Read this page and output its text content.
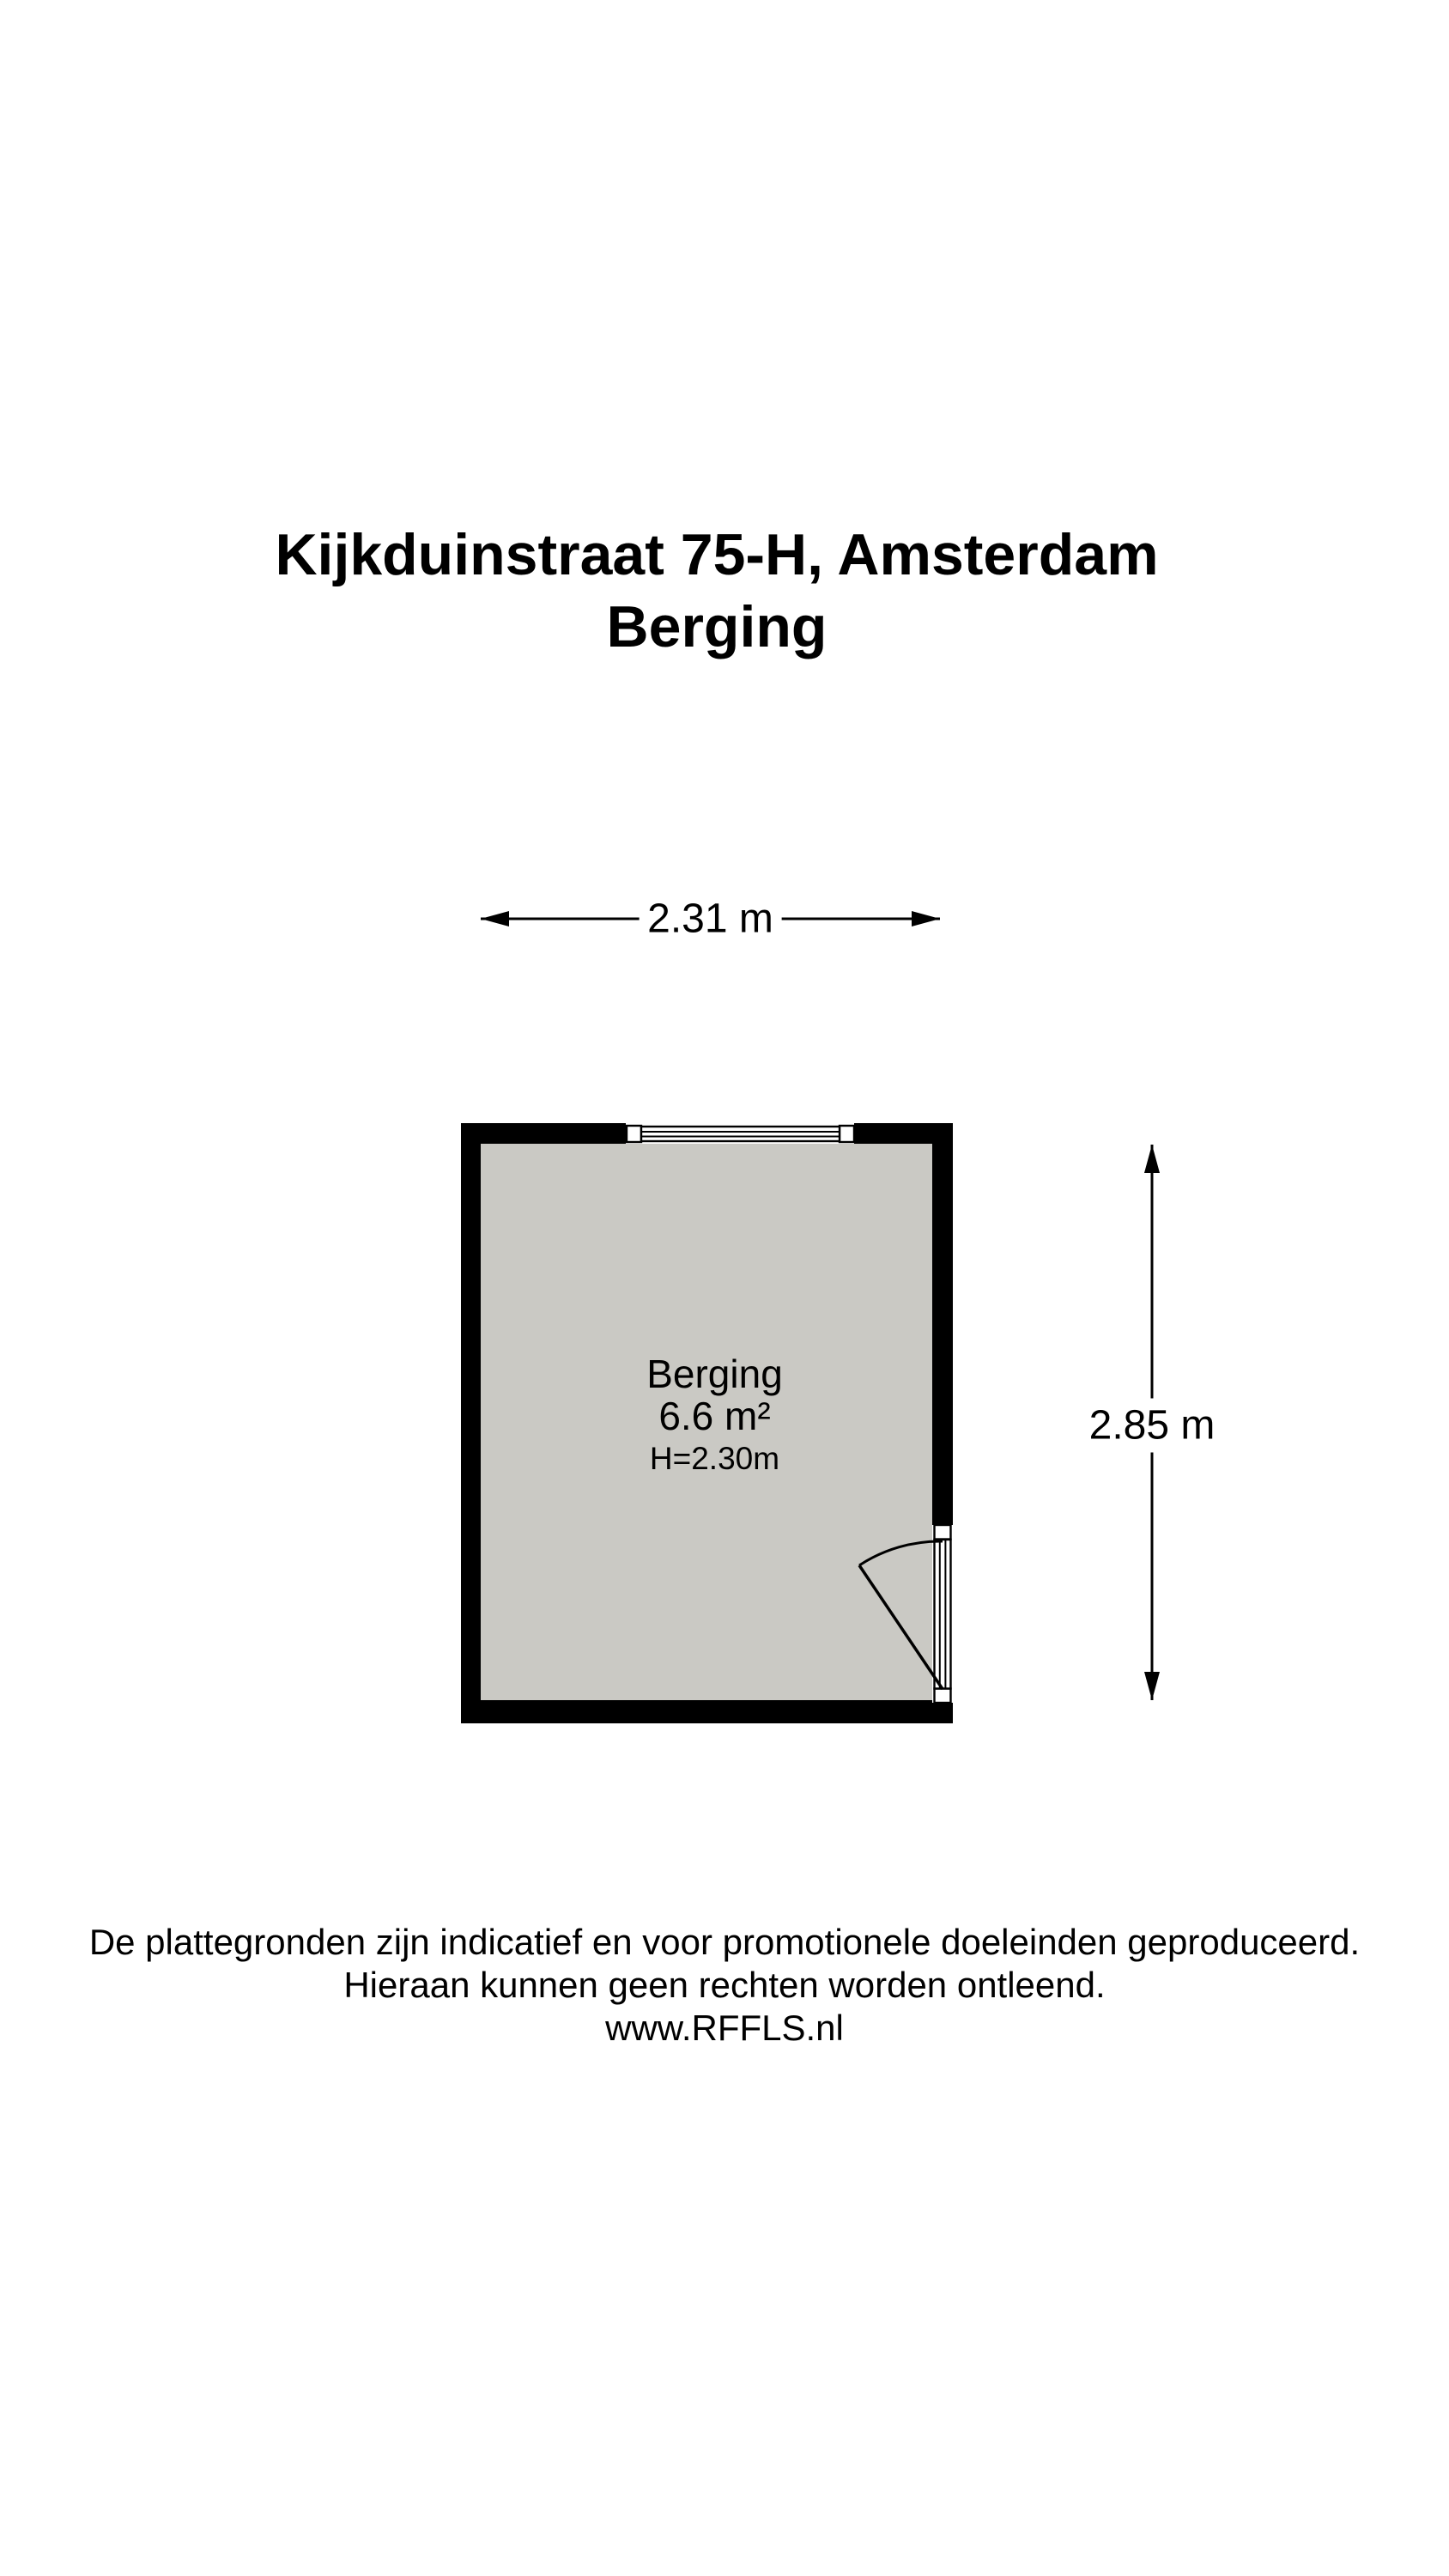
Kijkduinstraat 75-H, Amsterdam
Berging
2.31 m
Berging
6.6 m²
H=2.30m
2.85 m
De plattegronden zijn indicatief en voor promotionele doeleinden geproduceerd.
Hieraan kunnen geen rechten worden ontleend.
www.RFFLS.nl
